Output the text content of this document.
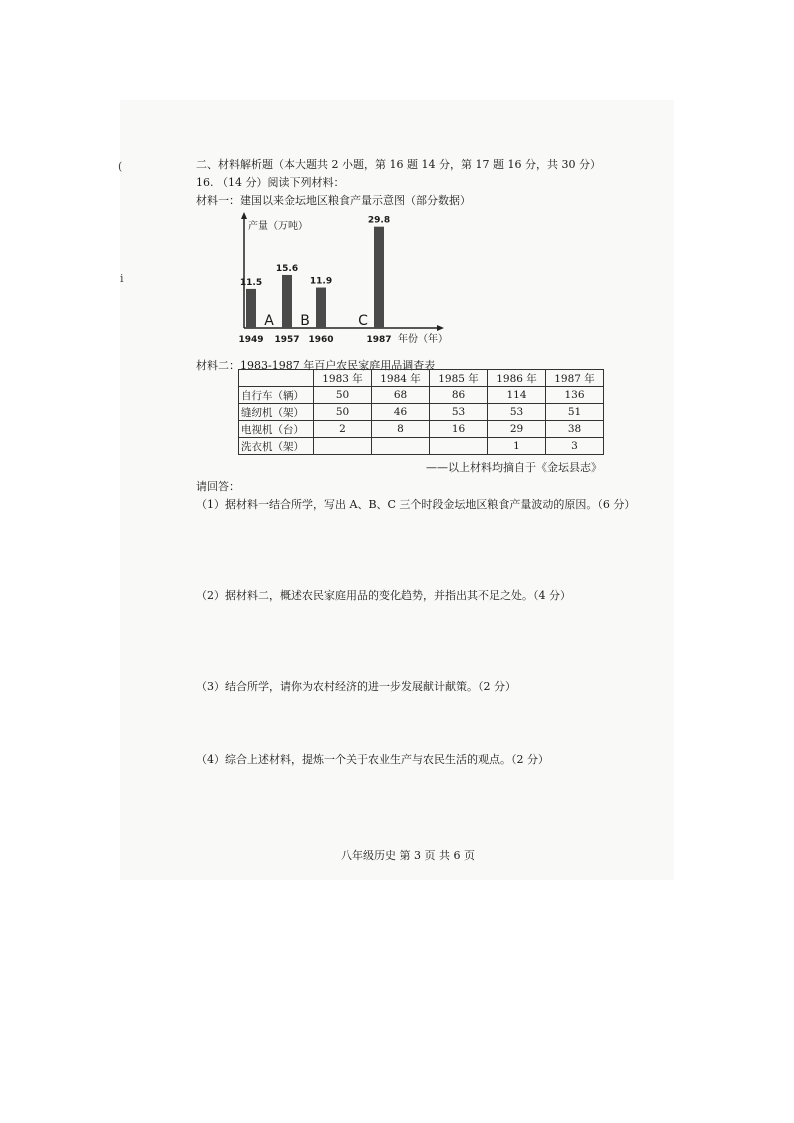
(
i
二、材料解析题（本大题共 2 小题，第 16 题 14 分，第 17 题 16 分，共 30 分）
16. （14 分）阅读下列材料：
材料一：建国以来金坛地区粮食产量示意图（部分数据）
产量（万吨）
年份（年）
11.5
1949
15.6
1957
11.9
1960
29.8
1987
A B	C
材料二：1983-1987 年百户农民家庭用品调查表
	1983 年	1984 年	1985 年	1986 年	1987 年
自行车（辆）	50	68	86	114	136
缝纫机（架）	50	46	53	53	51
电视机（台）	2	8	16	29	38
洗衣机（架）				1	3
——以上材料均摘自于《金坛县志》
请回答：
（1）据材料一结合所学，写出 A、B、C 三个时段金坛地区粮食产量波动的原因。（6 分）
（2）据材料二，概述农民家庭用品的变化趋势，并指出其不足之处。（4 分）
（3）结合所学，请你为农村经济的进一步发展献计献策。（2 分）
（4）综合上述材料，提炼一个关于农业生产与农民生活的观点。（2 分）
八年级历史 第 3 页 共 6 页
